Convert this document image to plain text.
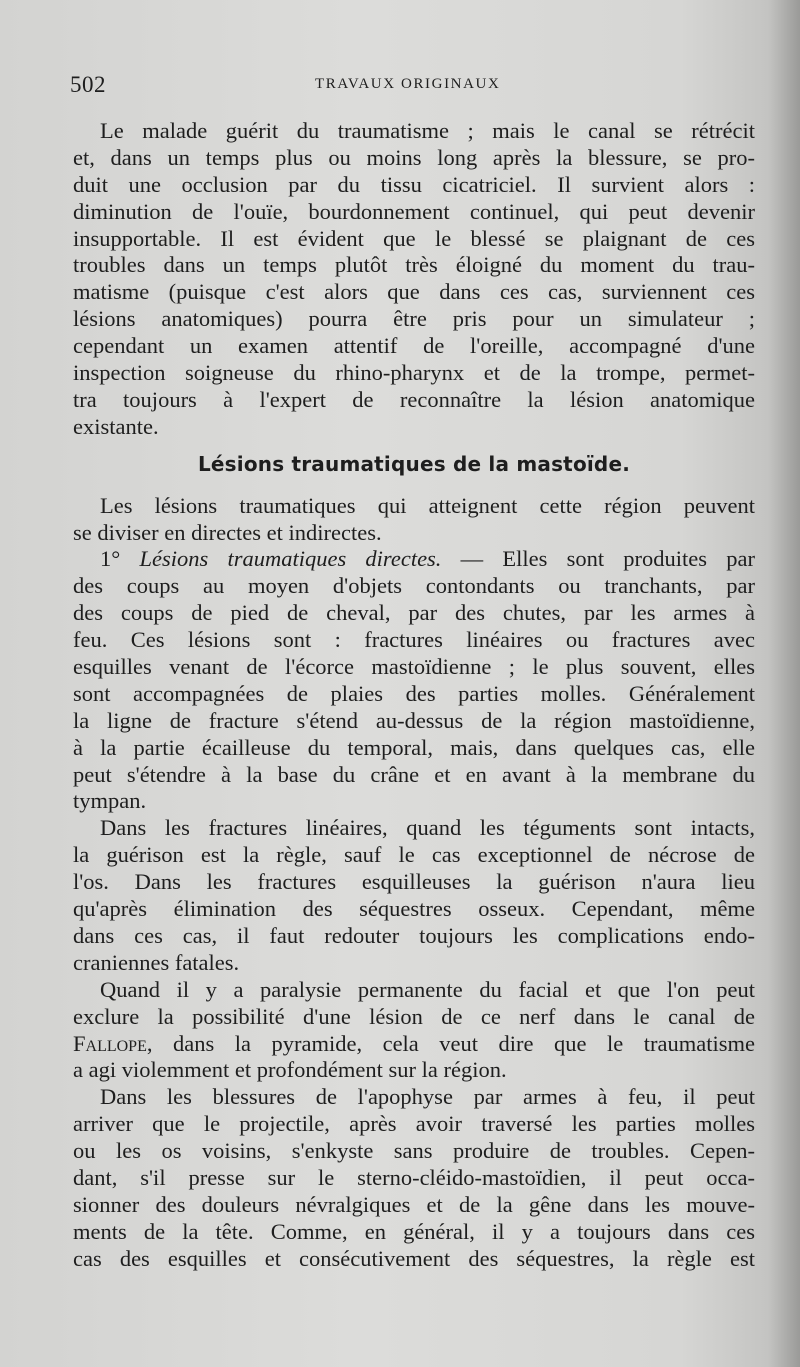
502	TRAVAUX ORIGINAUX
Le malade guérit du traumatisme ; mais le canal se rétrécit
et, dans un temps plus ou moins long après la blessure, se pro-
duit une occlusion par du tissu cicatriciel. Il survient alors :
diminution de l'ouïe, bourdonnement continuel, qui peut devenir
insupportable. Il est évident que le blessé se plaignant de ces
troubles dans un temps plutôt très éloigné du moment du trau-
matisme (puisque c'est alors que dans ces cas, surviennent ces
lésions anatomiques) pourra être pris pour un simulateur ;
cependant un examen attentif de l'oreille, accompagné d'une
inspection soigneuse du rhino-pharynx et de la trompe, permet-
tra toujours à l'expert de reconnaître la lésion anatomique
existante.
Lésions traumatiques de la mastoïde.
Les lésions traumatiques qui atteignent cette région peuvent
se diviser en directes et indirectes.
1° Lésions traumatiques directes. — Elles sont produites par
des coups au moyen d'objets contondants ou tranchants, par
des coups de pied de cheval, par des chutes, par les armes à
feu. Ces lésions sont : fractures linéaires ou fractures avec
esquilles venant de l'écorce mastoïdienne ; le plus souvent, elles
sont accompagnées de plaies des parties molles. Généralement
la ligne de fracture s'étend au-dessus de la région mastoïdienne,
à la partie écailleuse du temporal, mais, dans quelques cas, elle
peut s'étendre à la base du crâne et en avant à la membrane du
tympan.
Dans les fractures linéaires, quand les téguments sont intacts,
la guérison est la règle, sauf le cas exceptionnel de nécrose de
l'os. Dans les fractures esquilleuses la guérison n'aura lieu
qu'après élimination des séquestres osseux. Cependant, même
dans ces cas, il faut redouter toujours les complications endo-
craniennes fatales.
Quand il y a paralysie permanente du facial et que l'on peut
exclure la possibilité d'une lésion de ce nerf dans le canal de
Fallope, dans la pyramide, cela veut dire que le traumatisme
a agi violemment et profondément sur la région.
Dans les blessures de l'apophyse par armes à feu, il peut
arriver que le projectile, après avoir traversé les parties molles
ou les os voisins, s'enkyste sans produire de troubles. Cepen-
dant, s'il presse sur le sterno-cléido-mastoïdien, il peut occa-
sionner des douleurs névralgiques et de la gêne dans les mouve-
ments de la tête. Comme, en général, il y a toujours dans ces
cas des esquilles et consécutivement des séquestres, la règle est
